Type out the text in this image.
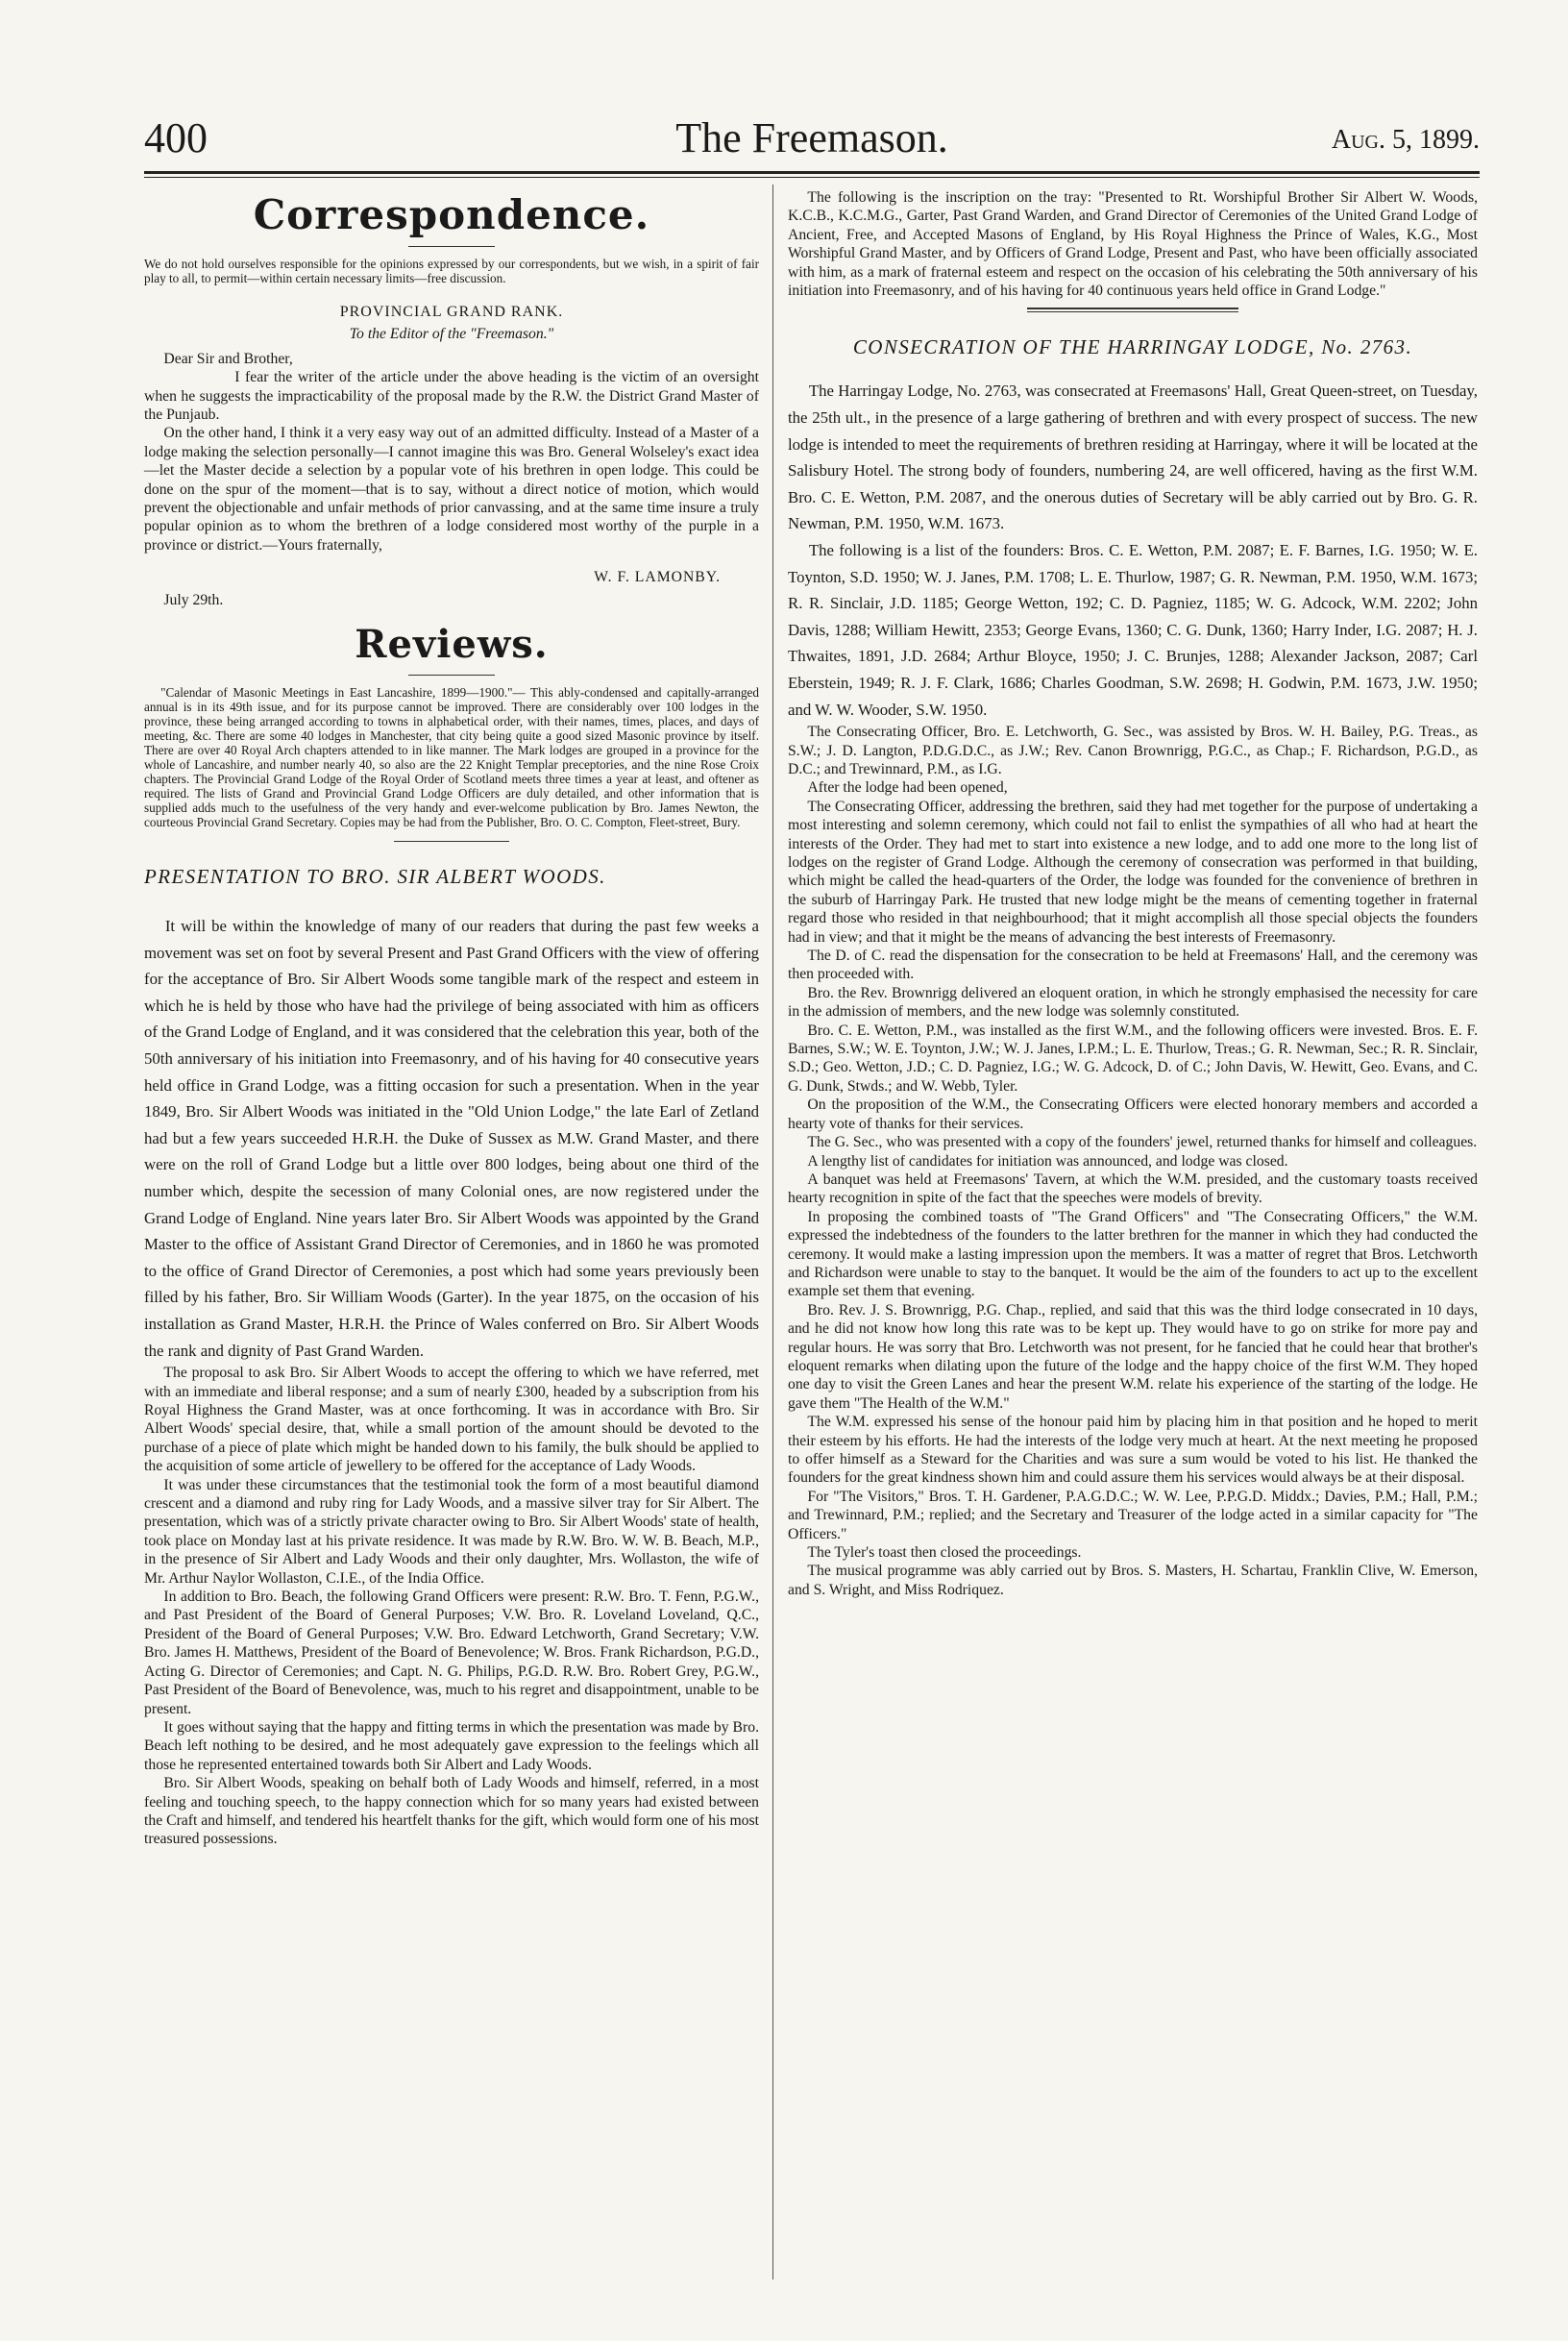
400	The Freemason.	Aug. 5, 1899.
Correspondence.

We do not hold ourselves responsible for the opinions expressed by our correspondents, but we wish, in a spirit of fair play to all, to permit—within certain necessary limits—free discussion.

PROVINCIAL GRAND RANK.
To the Editor of the "Freemason."

Dear Sir and Brother,

I fear the writer of the article under the above heading is the victim of an oversight when he suggests the impracticability of the proposal made by the R.W. the District Grand Master of the Punjaub.

On the other hand, I think it a very easy way out of an admitted difficulty. Instead of a Master of a lodge making the selection personally—I cannot imagine this was Bro. General Wolseley's exact idea—let the Master decide a selection by a popular vote of his brethren in open lodge. This could be done on the spur of the moment—that is to say, without a direct notice of motion, which would prevent the objectionable and unfair methods of prior canvassing, and at the same time insure a truly popular opinion as to whom the brethren of a lodge considered most worthy of the purple in a province or district.—Yours fraternally,

W. F. LAMONBY.

July 29th.

Reviews.

"Calendar of Masonic Meetings in East Lancashire, 1899—1900."— This ably-condensed and capitally-arranged annual is in its 49th issue, and for its purpose cannot be improved. There are considerably over 100 lodges in the province, these being arranged according to towns in alphabetical order, with their names, times, places, and days of meeting, &c. There are some 40 lodges in Manchester, that city being quite a good sized Masonic province by itself. There are over 40 Royal Arch chapters attended to in like manner. The Mark lodges are grouped in a province for the whole of Lancashire, and number nearly 40, so also are the 22 Knight Templar preceptories, and the nine Rose Croix chapters. The Provincial Grand Lodge of the Royal Order of Scotland meets three times a year at least, and oftener as required. The lists of Grand and Provincial Grand Lodge Officers are duly detailed, and other information that is supplied adds much to the usefulness of the very handy and ever-welcome publication by Bro. James Newton, the courteous Provincial Grand Secretary. Copies may be had from the Publisher, Bro. O. C. Compton, Fleet-street, Bury.

PRESENTATION TO BRO. SIR ALBERT WOODS.

It will be within the knowledge of many of our readers that during the past few weeks a movement was set on foot by several Present and Past Grand Officers with the view of offering for the acceptance of Bro. Sir Albert Woods some tangible mark of the respect and esteem in which he is held by those who have had the privilege of being associated with him as officers of the Grand Lodge of England, and it was considered that the celebration this year, both of the 50th anniversary of his initiation into Freemasonry, and of his having for 40 consecutive years held office in Grand Lodge, was a fitting occasion for such a presentation. When in the year 1849, Bro. Sir Albert Woods was initiated in the "Old Union Lodge," the late Earl of Zetland had but a few years succeeded H.R.H. the Duke of Sussex as M.W. Grand Master, and there were on the roll of Grand Lodge but a little over 800 lodges, being about one third of the number which, despite the secession of many Colonial ones, are now registered under the Grand Lodge of England. Nine years later Bro. Sir Albert Woods was appointed by the Grand Master to the office of Assistant Grand Director of Ceremonies, and in 1860 he was promoted to the office of Grand Director of Ceremonies, a post which had some years previously been filled by his father, Bro. Sir William Woods (Garter). In the year 1875, on the occasion of his installation as Grand Master, H.R.H. the Prince of Wales conferred on Bro. Sir Albert Woods the rank and dignity of Past Grand Warden.

The proposal to ask Bro. Sir Albert Woods to accept the offering to which we have referred, met with an immediate and liberal response; and a sum of nearly £300, headed by a subscription from his Royal Highness the Grand Master, was at once forthcoming. It was in accordance with Bro. Sir Albert Woods' special desire, that, while a small portion of the amount should be devoted to the purchase of a piece of plate which might be handed down to his family, the bulk should be applied to the acquisition of some article of jewellery to be offered for the acceptance of Lady Woods.

It was under these circumstances that the testimonial took the form of a most beautiful diamond crescent and a diamond and ruby ring for Lady Woods, and a massive silver tray for Sir Albert. The presentation, which was of a strictly private character owing to Bro. Sir Albert Woods' state of health, took place on Monday last at his private residence. It was made by R.W. Bro. W. W. B. Beach, M.P., in the presence of Sir Albert and Lady Woods and their only daughter, Mrs. Wollaston, the wife of Mr. Arthur Naylor Wollaston, C.I.E., of the India Office.

In addition to Bro. Beach, the following Grand Officers were present: R.W. Bro. T. Fenn, P.G.W., and Past President of the Board of General Purposes; V.W. Bro. R. Loveland Loveland, Q.C., President of the Board of General Purposes; V.W. Bro. Edward Letchworth, Grand Secretary; V.W. Bro. James H. Matthews, President of the Board of Benevolence; W. Bros. Frank Richardson, P.G.D., Acting G. Director of Ceremonies; and Capt. N. G. Philips, P.G.D. R.W. Bro. Robert Grey, P.G.W., Past President of the Board of Benevolence, was, much to his regret and disappointment, unable to be present.

It goes without saying that the happy and fitting terms in which the presentation was made by Bro. Beach left nothing to be desired, and he most adequately gave expression to the feelings which all those he represented entertained towards both Sir Albert and Lady Woods.

Bro. Sir Albert Woods, speaking on behalf both of Lady Woods and himself, referred, in a most feeling and touching speech, to the happy connection which for so many years had existed between the Craft and himself, and tendered his heartfelt thanks for the gift, which would form one of his most treasured possessions.

The following is the inscription on the tray: "Presented to Rt. Worshipful Brother Sir Albert W. Woods, K.C.B., K.C.M.G., Garter, Past Grand Warden, and Grand Director of Ceremonies of the United Grand Lodge of Ancient, Free, and Accepted Masons of England, by His Royal Highness the Prince of Wales, K.G., Most Worshipful Grand Master, and by Officers of Grand Lodge, Present and Past, who have been officially associated with him, as a mark of fraternal esteem and respect on the occasion of his celebrating the 50th anniversary of his initiation into Freemasonry, and of his having for 40 continuous years held office in Grand Lodge."

CONSECRATION OF THE HARRINGAY LODGE, No. 2763.

The Harringay Lodge, No. 2763, was consecrated at Freemasons' Hall, Great Queen-street, on Tuesday, the 25th ult., in the presence of a large gathering of brethren and with every prospect of success. The new lodge is intended to meet the requirements of brethren residing at Harringay, where it will be located at the Salisbury Hotel. The strong body of founders, numbering 24, are well officered, having as the first W.M. Bro. C. E. Wetton, P.M. 2087, and the onerous duties of Secretary will be ably carried out by Bro. G. R. Newman, P.M. 1950, W.M. 1673.

The following is a list of the founders: Bros. C. E. Wetton, P.M. 2087; E. F. Barnes, I.G. 1950; W. E. Toynton, S.D. 1950; W. J. Janes, P.M. 1708; L. E. Thurlow, 1987; G. R. Newman, P.M. 1950, W.M. 1673; R. R. Sinclair, J.D. 1185; George Wetton, 192; C. D. Pagniez, 1185; W. G. Adcock, W.M. 2202; John Davis, 1288; William Hewitt, 2353; George Evans, 1360; C. G. Dunk, 1360; Harry Inder, I.G. 2087; H. J. Thwaites, 1891, J.D. 2684; Arthur Bloyce, 1950; J. C. Brunjes, 1288; Alexander Jackson, 2087; Carl Eberstein, 1949; R. J. F. Clark, 1686; Charles Goodman, S.W. 2698; H. Godwin, P.M. 1673, J.W. 1950; and W. W. Wooder, S.W. 1950.

The Consecrating Officer, Bro. E. Letchworth, G. Sec., was assisted by Bros. W. H. Bailey, P.G. Treas., as S.W.; J. D. Langton, P.D.G.D.C., as J.W.; Rev. Canon Brownrigg, P.G.C., as Chap.; F. Richardson, P.G.D., as D.C.; and Trewinnard, P.M., as I.G.

After the lodge had been opened,

The Consecrating Officer, addressing the brethren, said they had met together for the purpose of undertaking a most interesting and solemn ceremony, which could not fail to enlist the sympathies of all who had at heart the interests of the Order. They had met to start into existence a new lodge, and to add one more to the long list of lodges on the register of Grand Lodge. Although the ceremony of consecration was performed in that building, which might be called the head-quarters of the Order, the lodge was founded for the convenience of brethren in the suburb of Harringay Park. He trusted that new lodge might be the means of cementing together in fraternal regard those who resided in that neighbourhood; that it might accomplish all those special objects the founders had in view; and that it might be the means of advancing the best interests of Freemasonry.

The D. of C. read the dispensation for the consecration to be held at Freemasons' Hall, and the ceremony was then proceeded with.

Bro. the Rev. Brownrigg delivered an eloquent oration, in which he strongly emphasised the necessity for care in the admission of members, and the new lodge was solemnly constituted.

Bro. C. E. Wetton, P.M., was installed as the first W.M., and the following officers were invested. Bros. E. F. Barnes, S.W.; W. E. Toynton, J.W.; W. J. Janes, I.P.M.; L. E. Thurlow, Treas.; G. R. Newman, Sec.; R. R. Sinclair, S.D.; Geo. Wetton, J.D.; C. D. Pagniez, I.G.; W. G. Adcock, D. of C.; John Davis, W. Hewitt, Geo. Evans, and C. G. Dunk, Stwds.; and W. Webb, Tyler.

On the proposition of the W.M., the Consecrating Officers were elected honorary members and accorded a hearty vote of thanks for their services.

The G. Sec., who was presented with a copy of the founders' jewel, returned thanks for himself and colleagues.

A lengthy list of candidates for initiation was announced, and lodge was closed.

A banquet was held at Freemasons' Tavern, at which the W.M. presided, and the customary toasts received hearty recognition in spite of the fact that the speeches were models of brevity.

In proposing the combined toasts of "The Grand Officers" and "The Consecrating Officers," the W.M. expressed the indebtedness of the founders to the latter brethren for the manner in which they had conducted the ceremony. It would make a lasting impression upon the members. It was a matter of regret that Bros. Letchworth and Richardson were unable to stay to the banquet. It would be the aim of the founders to act up to the excellent example set them that evening.

Bro. Rev. J. S. Brownrigg, P.G. Chap., replied, and said that this was the third lodge consecrated in 10 days, and he did not know how long this rate was to be kept up. They would have to go on strike for more pay and regular hours. He was sorry that Bro. Letchworth was not present, for he fancied that he could hear that brother's eloquent remarks when dilating upon the future of the lodge and the happy choice of the first W.M. They hoped one day to visit the Green Lanes and hear the present W.M. relate his experience of the starting of the lodge. He gave them "The Health of the W.M."

The W.M. expressed his sense of the honour paid him by placing him in that position and he hoped to merit their esteem by his efforts. He had the interests of the lodge very much at heart. At the next meeting he proposed to offer himself as a Steward for the Charities and was sure a sum would be voted to his list. He thanked the founders for the great kindness shown him and could assure them his services would always be at their disposal.

For "The Visitors," Bros. T. H. Gardener, P.A.G.D.C.; W. W. Lee, P.P.G.D. Middx.; Davies, P.M.; Hall, P.M.; and Trewinnard, P.M.; replied; and the Secretary and Treasurer of the lodge acted in a similar capacity for "The Officers."

The Tyler's toast then closed the proceedings.

The musical programme was ably carried out by Bros. S. Masters, H. Schartau, Franklin Clive, W. Emerson, and S. Wright, and Miss Rodriquez.
